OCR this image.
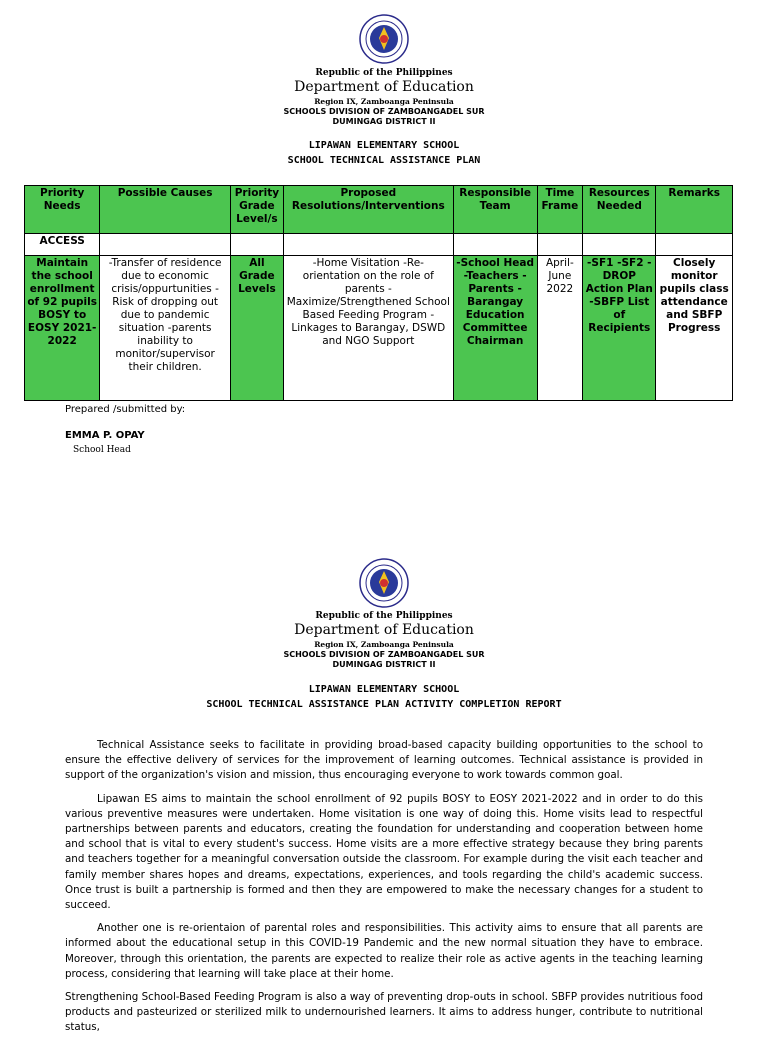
Republic of the Philippines
Department of Education
Region IX, Zamboanga Peninsula
SCHOOLS DIVISION OF ZAMBOANGADEL SUR
DUMINGAG DISTRICT II
LIPAWAN ELEMENTARY SCHOOL
SCHOOL TECHNICAL ASSISTANCE PLAN
Priority Needs	Possible Causes	Priority Grade Level/s	Proposed Resolutions/Interventions	Responsible Team	Time Frame	Resources Needed	Remarks
ACCESS							
Maintain the school enrollment of 92 pupils BOSY to EOSY 2021-2022	-Transfer of residence due to economic crisis/oppurtunities -Risk of dropping out due to pandemic situation -parents inability to monitor/supervisor their children.	All Grade Levels	-Home Visitation -Re-orientation on the role of parents -Maximize/Strengthened School Based Feeding Program -Linkages to Barangay, DSWD and NGO Support	-School Head -Teachers -Parents -Barangay Education Committee Chairman	April-June 2022	-SF1 -SF2 -DROP Action Plan -SBFP List of Recipients	Closely monitor pupils class attendance and SBFP Progress
Prepared /submitted by:
EMMA P. OPAY
School Head
Republic of the Philippines
Department of Education
Region IX, Zamboanga Peninsula
SCHOOLS DIVISION OF ZAMBOANGADEL SUR
DUMINGAG DISTRICT II
LIPAWAN ELEMENTARY SCHOOL
SCHOOL TECHNICAL ASSISTANCE PLAN ACTIVITY COMPLETION REPORT

Technical Assistance seeks to facilitate in providing broad-based capacity building opportunities to the school to ensure the effective delivery of services for the improvement of learning outcomes. Technical assistance is provided in support of the organization's vision and mission, thus encouraging everyone to work towards common goal.

Lipawan ES aims to maintain the school enrollment of 92 pupils BOSY to EOSY 2021-2022 and in order to do this various preventive measures were undertaken. Home visitation is one way of doing this. Home visits lead to respectful partnerships between parents and educators, creating the foundation for understanding and cooperation between home and school that is vital to every student's success. Home visits are a more effective strategy because they bring parents and teachers together for a meaningful conversation outside the classroom. For example during the visit each teacher and family member shares hopes and dreams, expectations, experiences, and tools regarding the child's academic success. Once trust is built a partnership is formed and then they are empowered to make the necessary changes for a student to succeed.

Another one is re-orientaion of parental roles and responsibilities. This activity aims to ensure that all parents are informed about the educational setup in this COVID-19 Pandemic and the new normal situation they have to embrace. Moreover, through this orientation, the parents are expected to realize their role as active agents in the teaching learning process, considering that learning will take place at their home.

Strengthening School-Based Feeding Program is also a way of preventing drop-outs in school. SBFP provides nutritious food products and pasteurized or sterilized milk to undernourished learners. It aims to address hunger, contribute to nutritional status,
